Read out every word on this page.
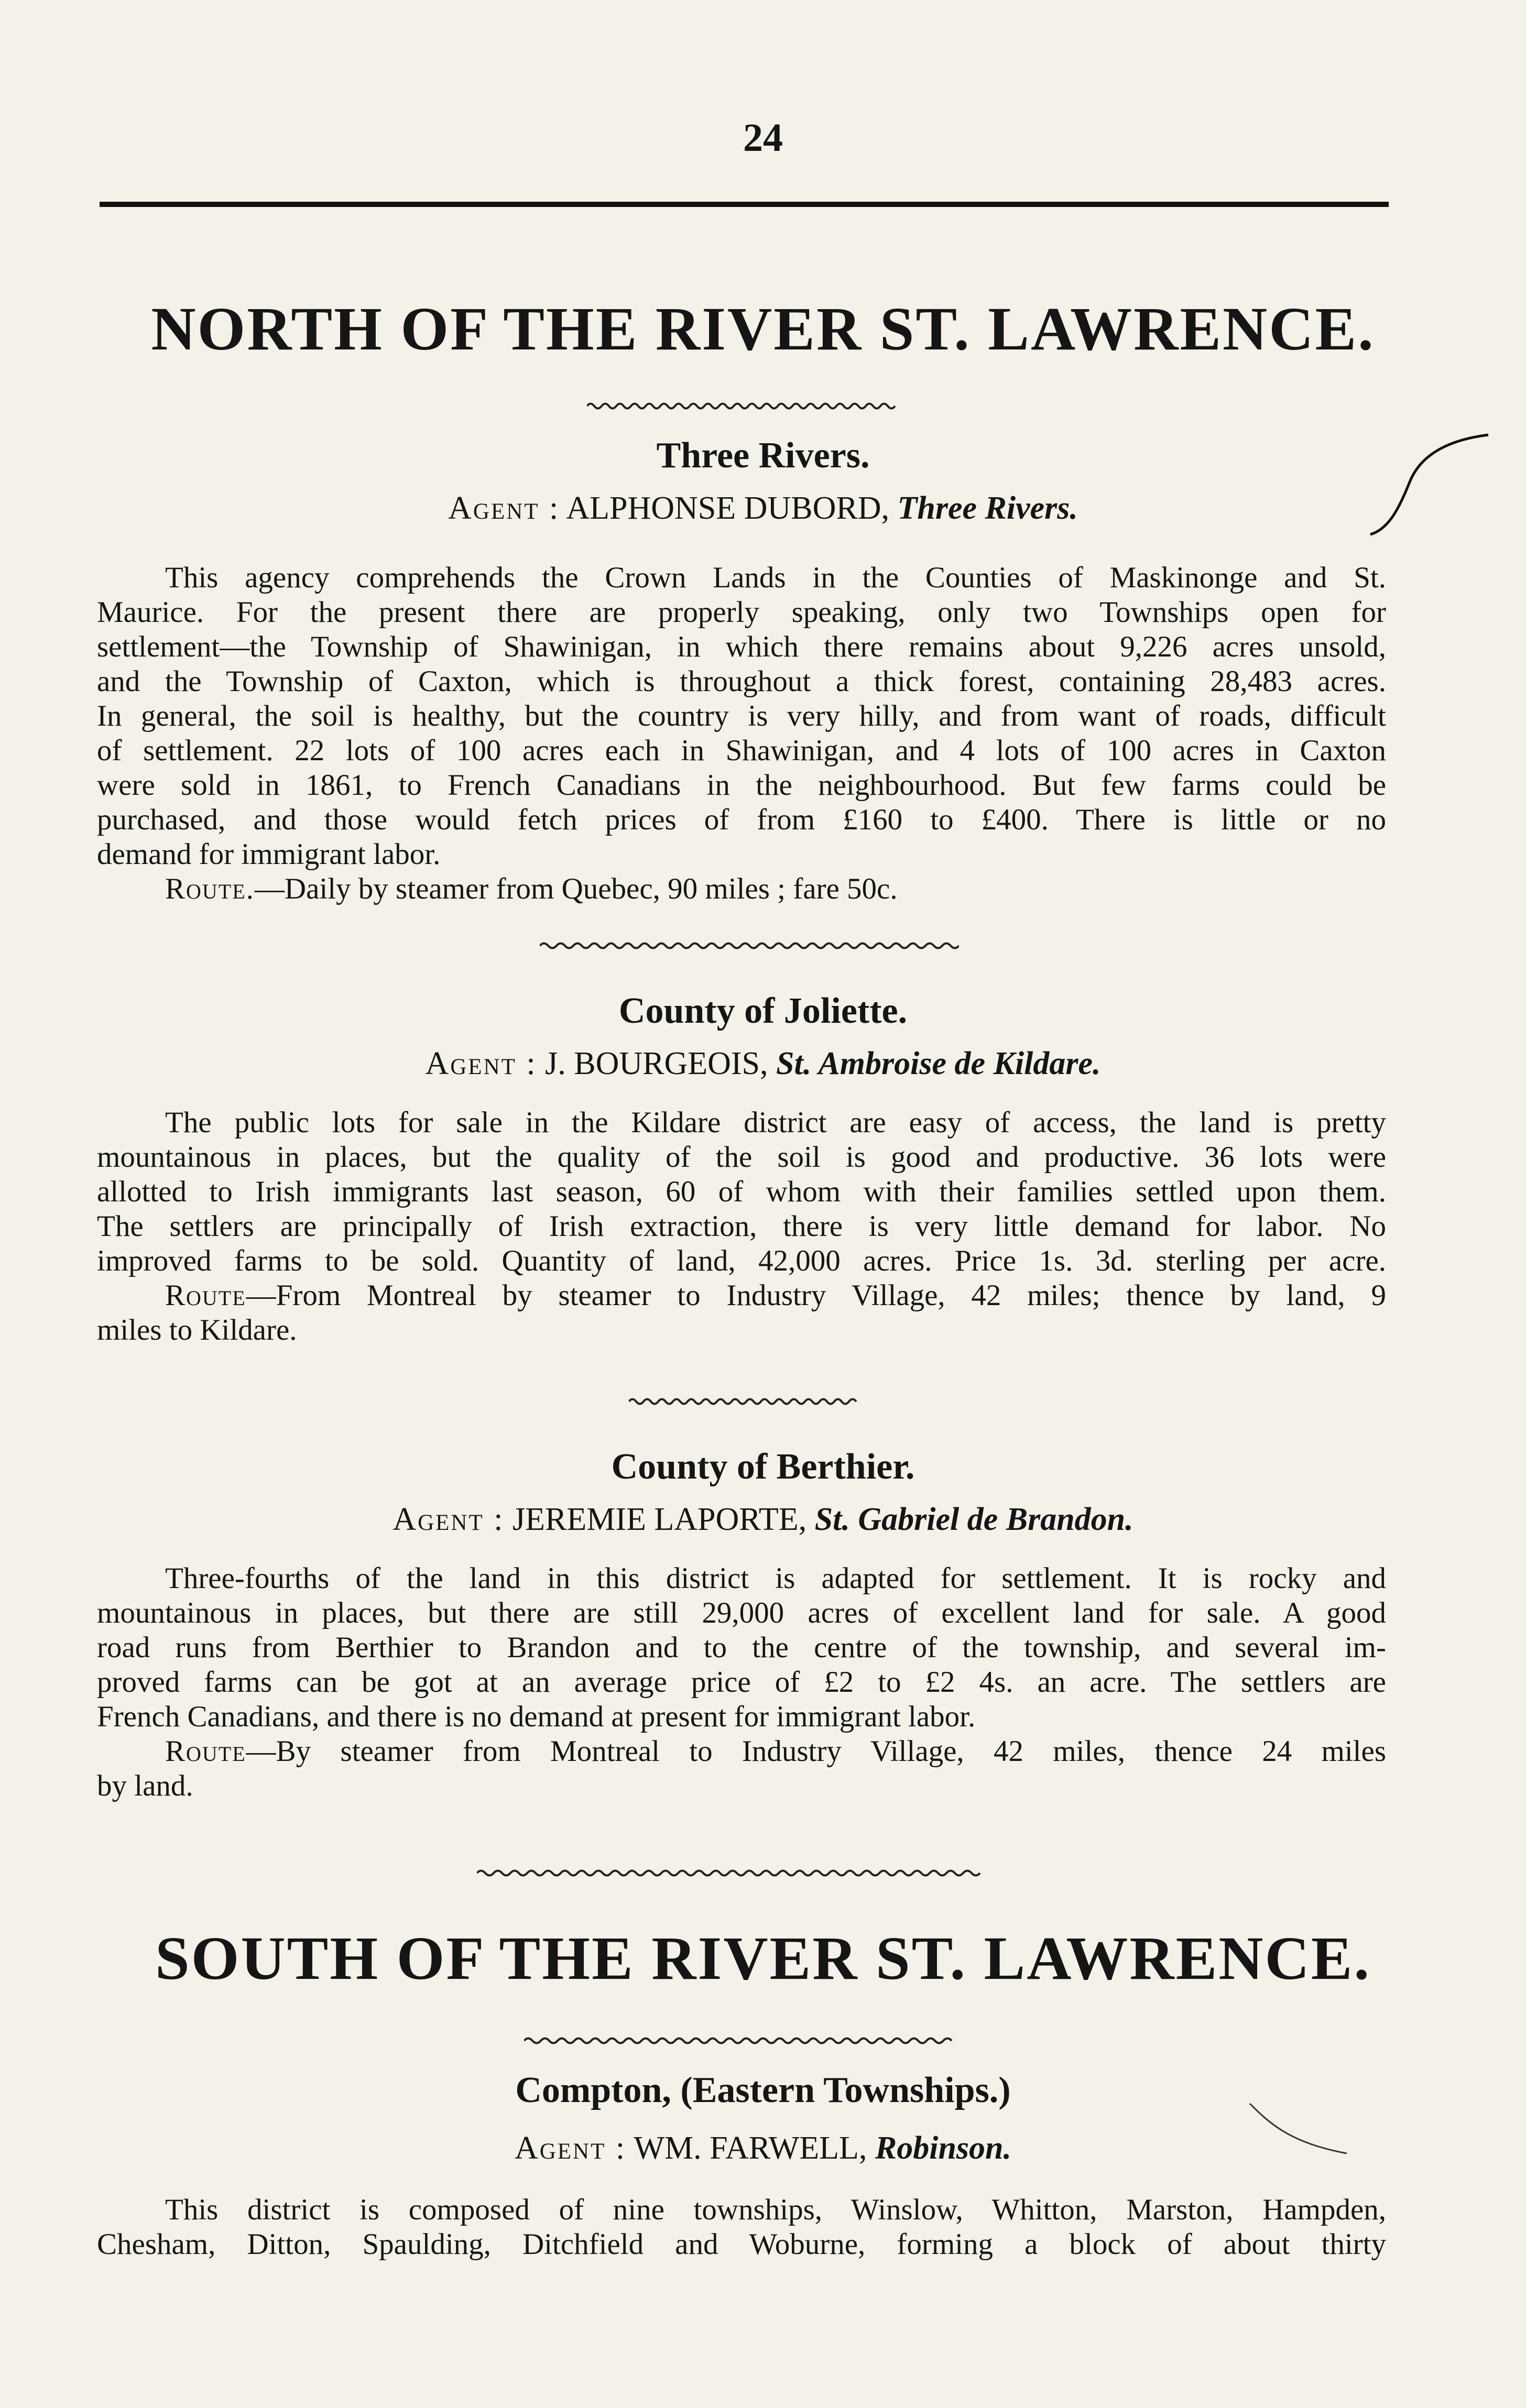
24
NORTH OF THE RIVER ST. LAWRENCE.
Three Rivers.
Agent : ALPHONSE DUBORD, Three Rivers.
This agency comprehends the Crown Lands in the Counties of Maskinonge and St.
Maurice. For the present there are properly speaking, only two Townships open for
settlement—the Township of Shawinigan, in which there remains about 9,226 acres unsold,
and the Township of Caxton, which is throughout a thick forest, containing 28,483 acres.
In general, the soil is healthy, but the country is very hilly, and from want of roads, difficult
of settlement. 22 lots of 100 acres each in Shawinigan, and 4 lots of 100 acres in Caxton
were sold in 1861, to French Canadians in the neighbourhood. But few farms could be
purchased, and those would fetch prices of from £160 to £400. There is little or no
demand for immigrant labor.
Route.—Daily by steamer from Quebec, 90 miles ; fare 50c.
County of Joliette.
Agent : J. BOURGEOIS, St. Ambroise de Kildare.
The public lots for sale in the Kildare district are easy of access, the land is pretty
mountainous in places, but the quality of the soil is good and productive. 36 lots were
allotted to Irish immigrants last season, 60 of whom with their families settled upon them.
The settlers are principally of Irish extraction, there is very little demand for labor. No
improved farms to be sold. Quantity of land, 42,000 acres. Price 1s. 3d. sterling per acre.
Route—From Montreal by steamer to Industry Village, 42 miles; thence by land, 9
miles to Kildare.
County of Berthier.
Agent : JEREMIE LAPORTE, St. Gabriel de Brandon.
Three-fourths of the land in this district is adapted for settlement. It is rocky and
mountainous in places, but there are still 29,000 acres of excellent land for sale. A good
road runs from Berthier to Brandon and to the centre of the township, and several im-
proved farms can be got at an average price of £2 to £2 4s. an acre. The settlers are
French Canadians, and there is no demand at present for immigrant labor.
Route—By steamer from Montreal to Industry Village, 42 miles, thence 24 miles
by land.
SOUTH OF THE RIVER ST. LAWRENCE.
Compton, (Eastern Townships.)
Agent : WM. FARWELL, Robinson.
This district is composed of nine townships, Winslow, Whitton, Marston, Hampden,
Chesham, Ditton, Spaulding, Ditchfield and Woburne, forming a block of about thirty
